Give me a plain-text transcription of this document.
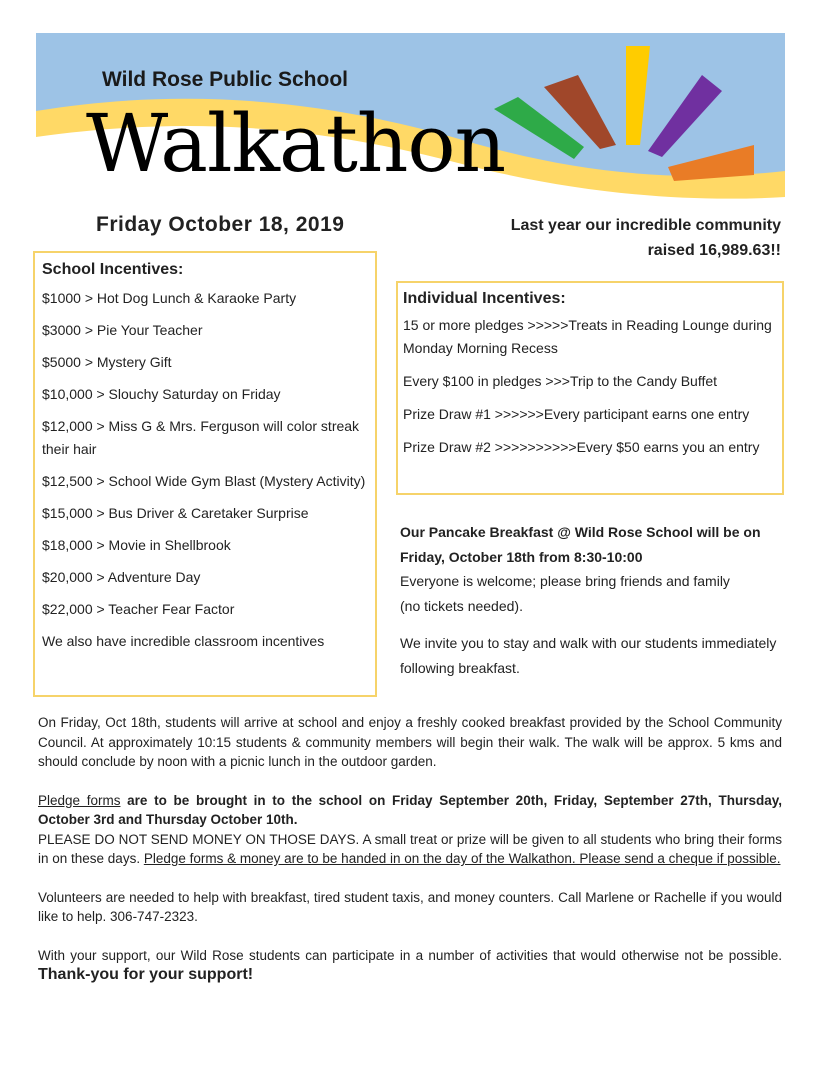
Wild Rose Public School
Walkathon
Friday October 18, 2019	Last year our incredible community
raised 16,989.63!!
School Incentives:
$1000 > Hot Dog Lunch & Karaoke Party
$3000 > Pie Your Teacher
$5000 > Mystery Gift
$10,000 > Slouchy Saturday on Friday
$12,000 > Miss G & Mrs. Ferguson will color streak their hair
$12,500 > School Wide Gym Blast (Mystery Activity)
$15,000 > Bus Driver & Caretaker Surprise
$18,000 > Movie in Shellbrook
$20,000 > Adventure Day
$22,000 > Teacher Fear Factor
We also have incredible classroom incentives
Individual Incentives:
15 or more pledges >>>>>Treats in Reading Lounge during Monday Morning Recess
Every $100 in pledges >>>Trip to the Candy Buffet
Prize Draw #1 >>>>>>Every participant earns one entry
Prize Draw #2 >>>>>>>>>>Every $50 earns you an entry

Our Pancake Breakfast @ Wild Rose School will be on

Friday, October 18th from 8:30-10:00

Everyone is welcome; please bring friends and family

(no tickets needed).

We invite you to stay and walk with our students immediately following breakfast.

On Friday, Oct 18th, students will arrive at school and enjoy a freshly cooked breakfast provided by the School Community Council. At approximately 10:15 students & community members will begin their walk. The walk will be approx. 5 kms and should conclude by noon with a picnic lunch in the outdoor garden.

Pledge forms are to be brought in to the school on Friday September 20th, Friday, September 27th, Thursday, October 3rd and Thursday October 10th.

PLEASE DO NOT SEND MONEY ON THOSE DAYS. A small treat or prize will be given to all students who bring their forms in on these days. Pledge forms & money are to be handed in on the day of the Walkathon. Please send a cheque if possible.

Volunteers are needed to help with breakfast, tired student taxis, and money counters. Call Marlene or Rachelle if you would like to help. 306-747-2323.

With your support, our Wild Rose students can participate in a number of activities that would otherwise not be possible. Thank-you for your support!
